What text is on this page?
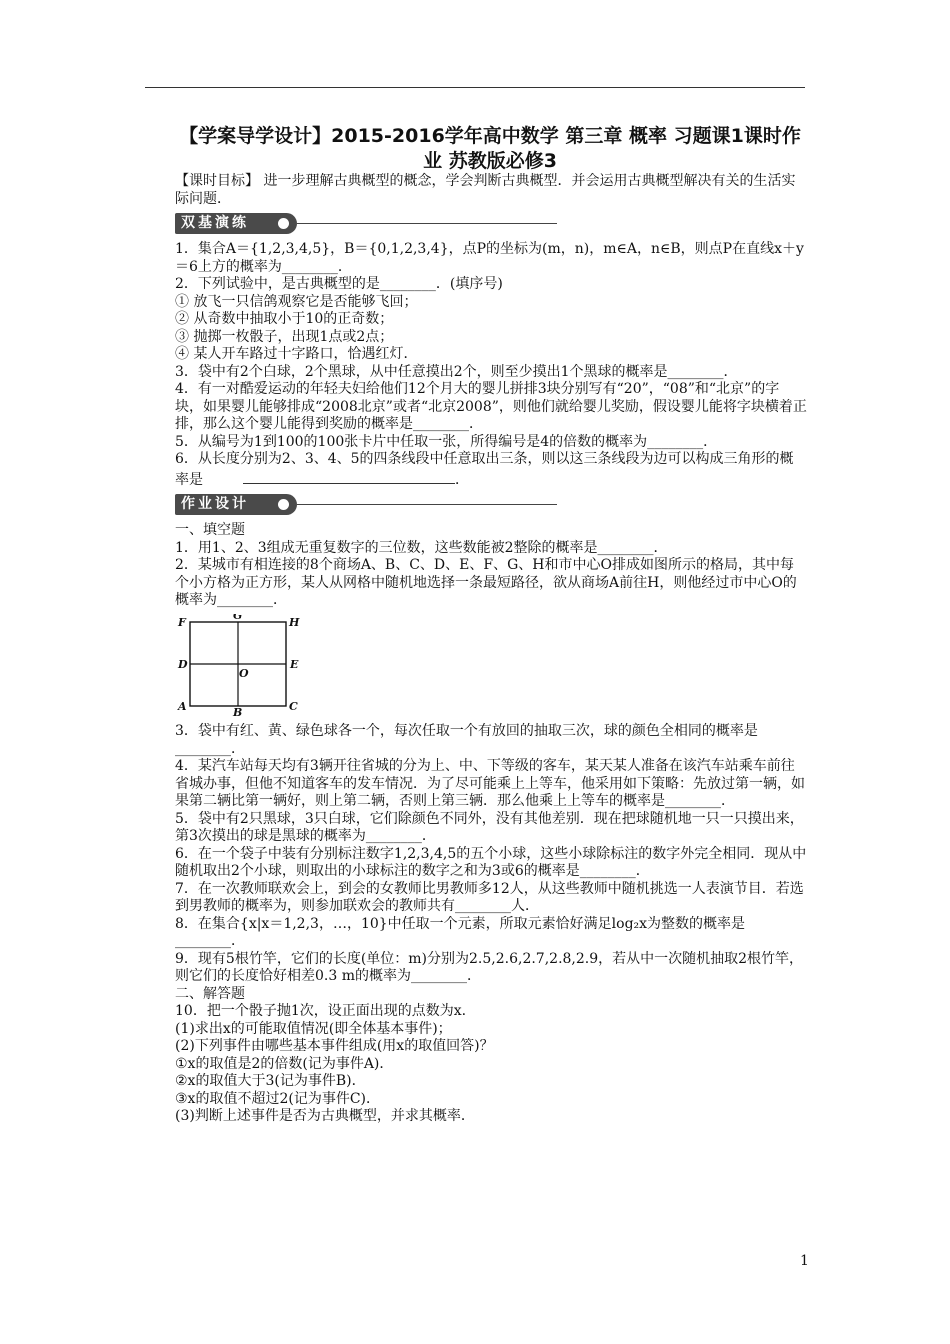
【学案导学设计】2015-2016学年高中数学 第三章 概率 习题课1课时作业 苏教版必修3

【课时目标】 进一步理解古典概型的概念，学会判断古典概型．并会运用古典概型解决有关的生活实际问题．

双基演练

1．集合A＝{1,2,3,4,5}，B＝{0,1,2,3,4}，点P的坐标为(m，n)，m∈A，n∈B，则点P在直线x＋y＝6上方的概率为________．

2．下列试验中，是古典概型的是________．(填序号)

① 放飞一只信鸽观察它是否能够飞回；

② 从奇数中抽取小于10的正奇数；

③ 抛掷一枚骰子，出现1点或2点；

④ 某人开车路过十字路口，恰遇红灯．

3．袋中有2个白球，2个黑球，从中任意摸出2个，则至少摸出1个黑球的概率是________．

4．有一对酷爱运动的年轻夫妇给他们12个月大的婴儿拼排3块分别写有“20”，“08”和“北京”的字块，如果婴儿能够排成“2008北京”或者“北京2008”，则他们就给婴儿奖励，假设婴儿能将字块横着正排，那么这个婴儿能得到奖励的概率是________．

5．从编号为1到100的100张卡片中任取一张，所得编号是4的倍数的概率为________．

6．从长度分别为2、3、4、5的四条线段中任意取出三条，则以这三条线段为边可以构成三角形的概率是	．

作业设计

一、填空题

1．用1、2、3组成无重复数字的三位数，这些数能被2整除的概率是________．

2．某城市有相连接的8个商场A、B、C、D、E、F、G、H和市中心O排成如图所示的格局，其中每个小方格为正方形，某人从网格中随机地选择一条最短路径，欲从商场A前往H，则他经过市中心O的概率为________．

F
G
H
D
O
E
A	B	C

3．袋中有红、黄、绿色球各一个，每次任取一个有放回的抽取三次，球的颜色全相同的概率是________．

4．某汽车站每天均有3辆开往省城的分为上、中、下等级的客车，某天某人准备在该汽车站乘车前往省城办事，但他不知道客车的发车情况．为了尽可能乘上上等车，他采用如下策略：先放过第一辆，如果第二辆比第一辆好，则上第二辆，否则上第三辆．那么他乘上上等车的概率是________．

5．袋中有2只黑球，3只白球，它们除颜色不同外，没有其他差别．现在把球随机地一只一只摸出来，第3次摸出的球是黑球的概率为________．

6．在一个袋子中装有分别标注数字1,2,3,4,5的五个小球，这些小球除标注的数字外完全相同．现从中随机取出2个小球，则取出的小球标注的数字之和为3或6的概率是________．

7．在一次教师联欢会上，到会的女教师比男教师多12人，从这些教师中随机挑选一人表演节目．若选到男教师的概率为，则参加联欢会的教师共有________人．

8．在集合{x|x＝1,2,3，…，10}中任取一个元素，所取元素恰好满足log₂x为整数的概率是________．

9．现有5根竹竿，它们的长度(单位：m)分别为2.5,2.6,2.7,2.8,2.9，若从中一次随机抽取2根竹竿，则它们的长度恰好相差0.3 m的概率为________．

二、解答题

10．把一个骰子抛1次，设正面出现的点数为x.

(1)求出x的可能取值情况(即全体基本事件)；

(2)下列事件由哪些基本事件组成(用x的取值回答)？

①x的取值是2的倍数(记为事件A)．

②x的取值大于3(记为事件B)．

③x的取值不超过2(记为事件C)．

(3)判断上述事件是否为古典概型，并求其概率．

1
